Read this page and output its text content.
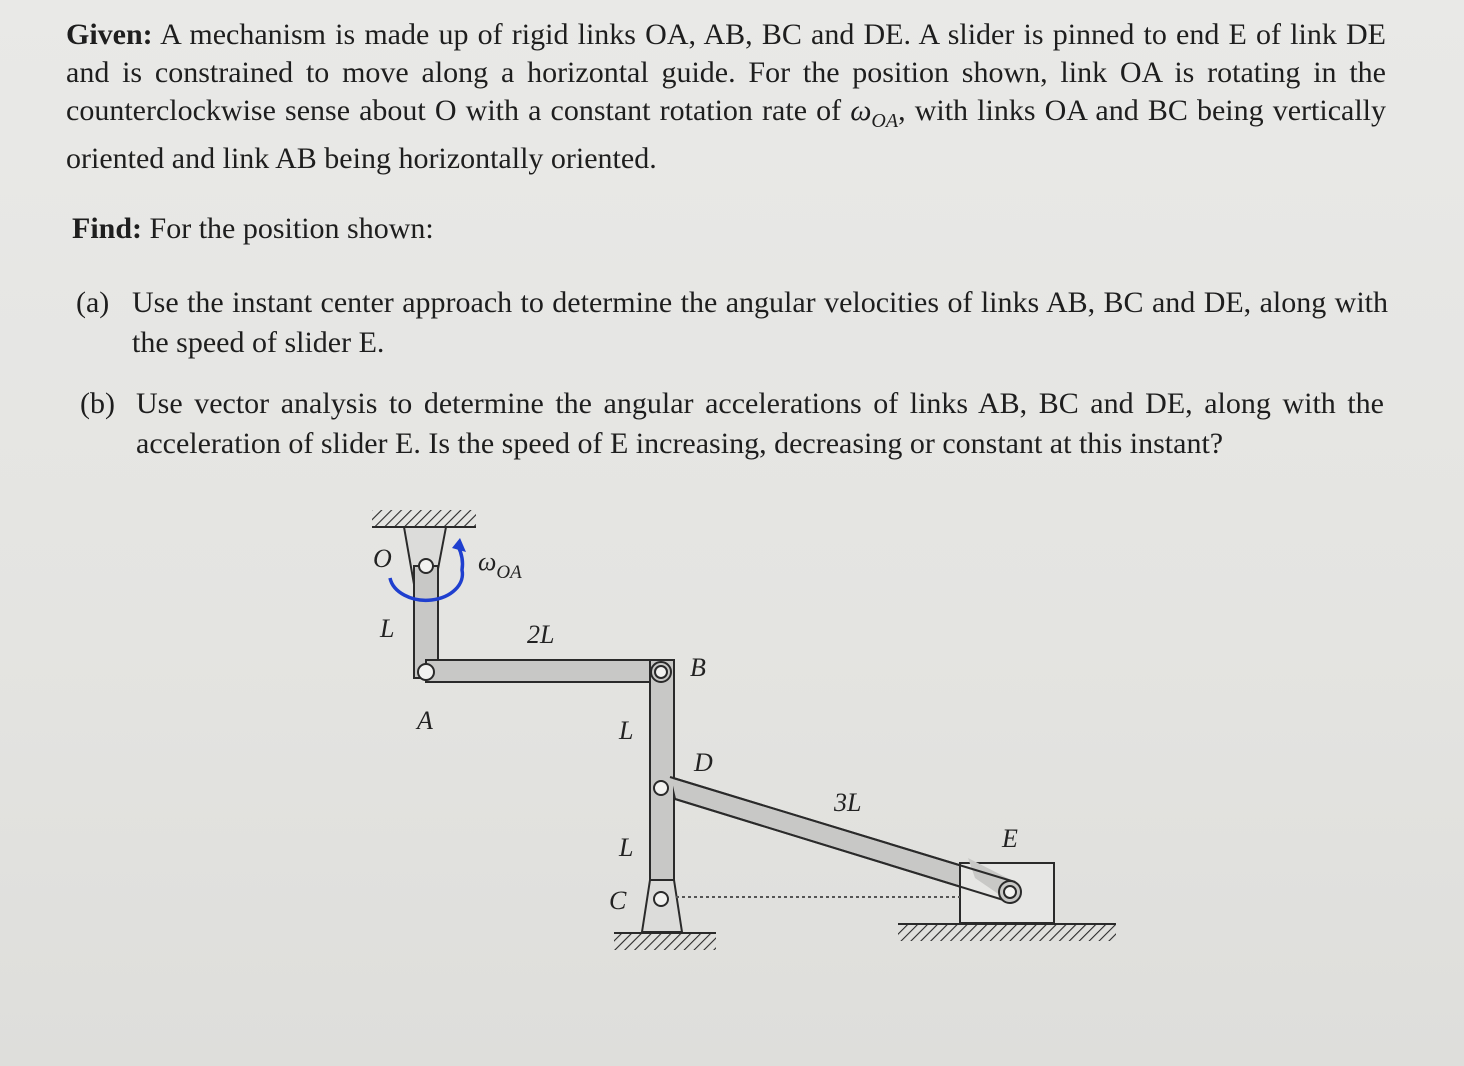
Given: A mechanism is made up of rigid links OA, AB, BC and DE. A slider is pinned to end E of link DE and is constrained to move along a horizontal guide. For the position shown, link OA is rotating in the counterclockwise sense about O with a constant rotation rate of $\omega_{OA}$, with links OA and BC being vertically oriented and link AB being horizontally oriented.
Find: For the position shown:
(a) Use the instant center approach to determine the angular velocities of links AB, BC and DE, along with the speed of slider E.
(b) Use vector analysis to determine the angular accelerations of links AB, BC and DE, along with the acceleration of slider E. Is the speed of E increasing, decreasing or constant at this instant?
O	$\omega_{OA}$
L	2L
B
A	L
D
3L
E
L
C
